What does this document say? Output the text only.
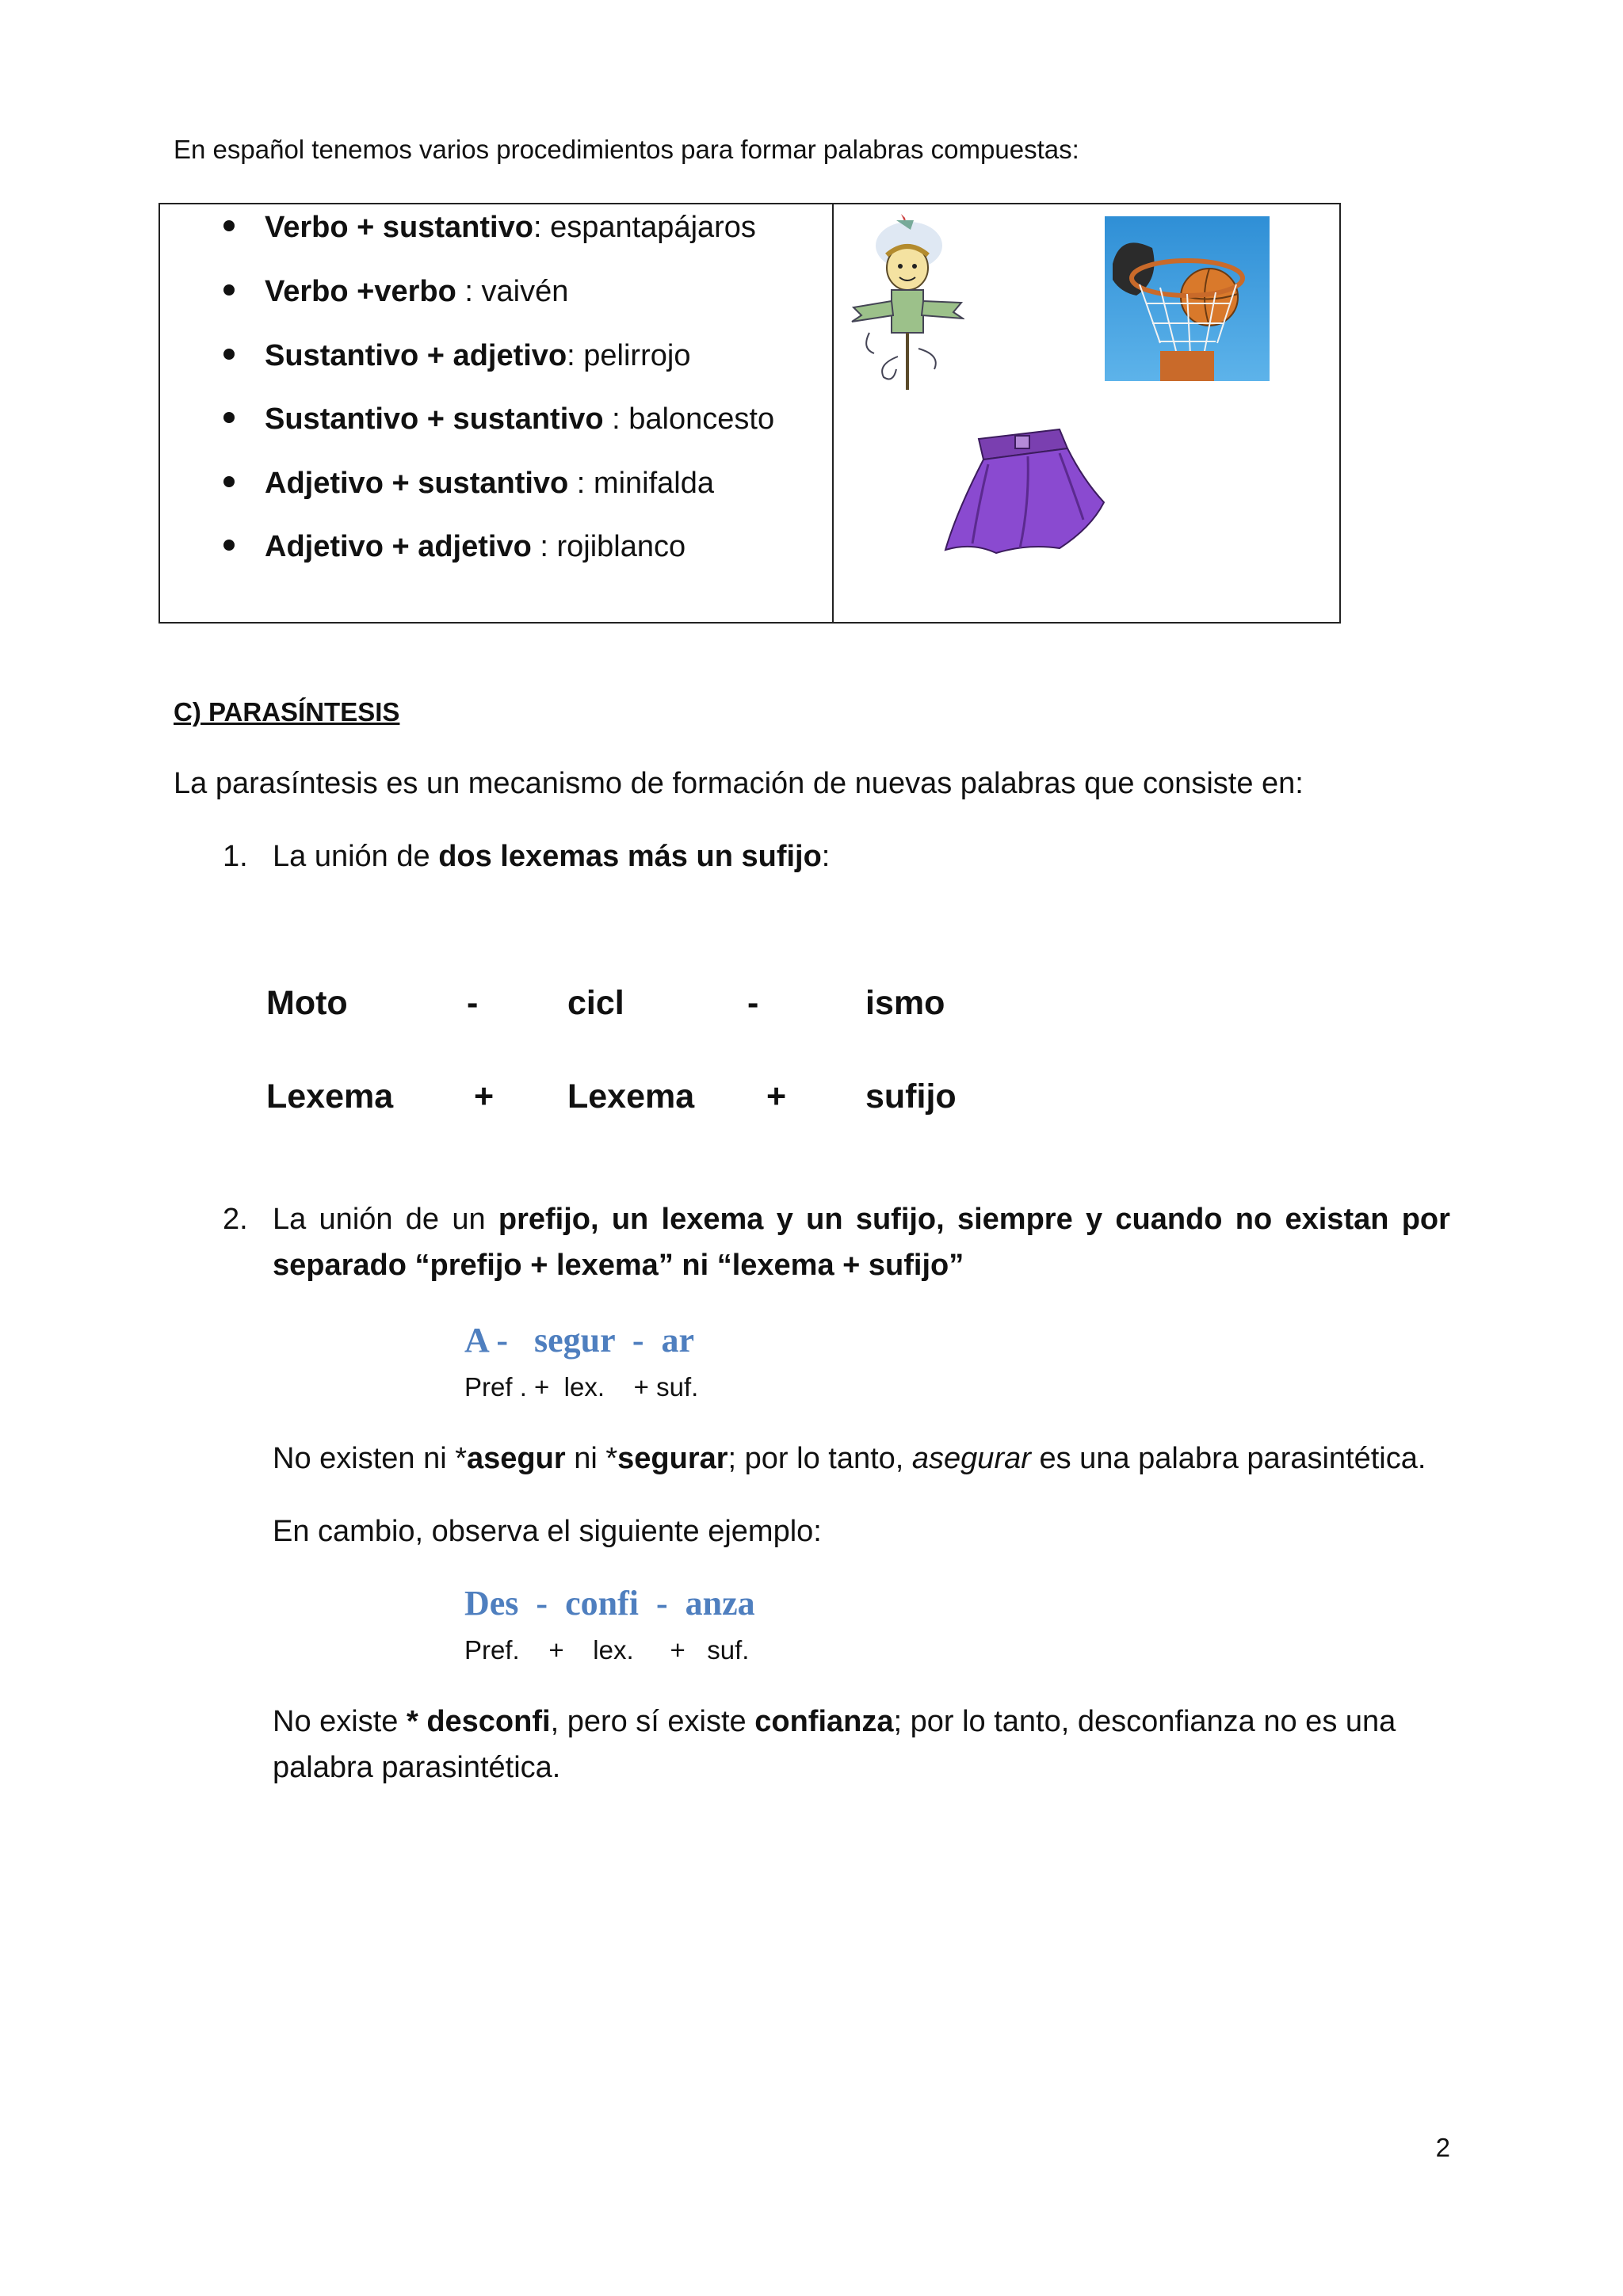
En español tenemos varios procedimientos para formar palabras compuestas:
Verbo + sustantivo: espantapájaros
Verbo +verbo : vaivén
Sustantivo + adjetivo: pelirrojo
Sustantivo + sustantivo : baloncesto
Adjetivo + sustantivo : minifalda
Adjetivo + adjetivo : rojiblanco
C) PARASÍNTESIS
La parasíntesis es un mecanismo de formación de nuevas palabras que consiste en:
1. La unión de dos lexemas más un sufijo:
Moto	-	cicl	-	ismo
Lexema + Lexema + sufijo
2. La unión de un prefijo, un lexema y un sufijo, siempre y cuando no existan por
separado “prefijo + lexema” ni “lexema + sufijo”
A -   segur  -  ar
Pref . +  lex.    + suf.
No existen ni *asegur ni *segurar; por lo tanto, asegurar es una palabra parasintética.
En cambio, observa el siguiente ejemplo:
Des  -  confi  -  anza
Pref.    +    lex.     +   suf.
No existe * desconfi, pero sí existe confianza; por lo tanto, desconfianza no es una
palabra parasintética.
2
